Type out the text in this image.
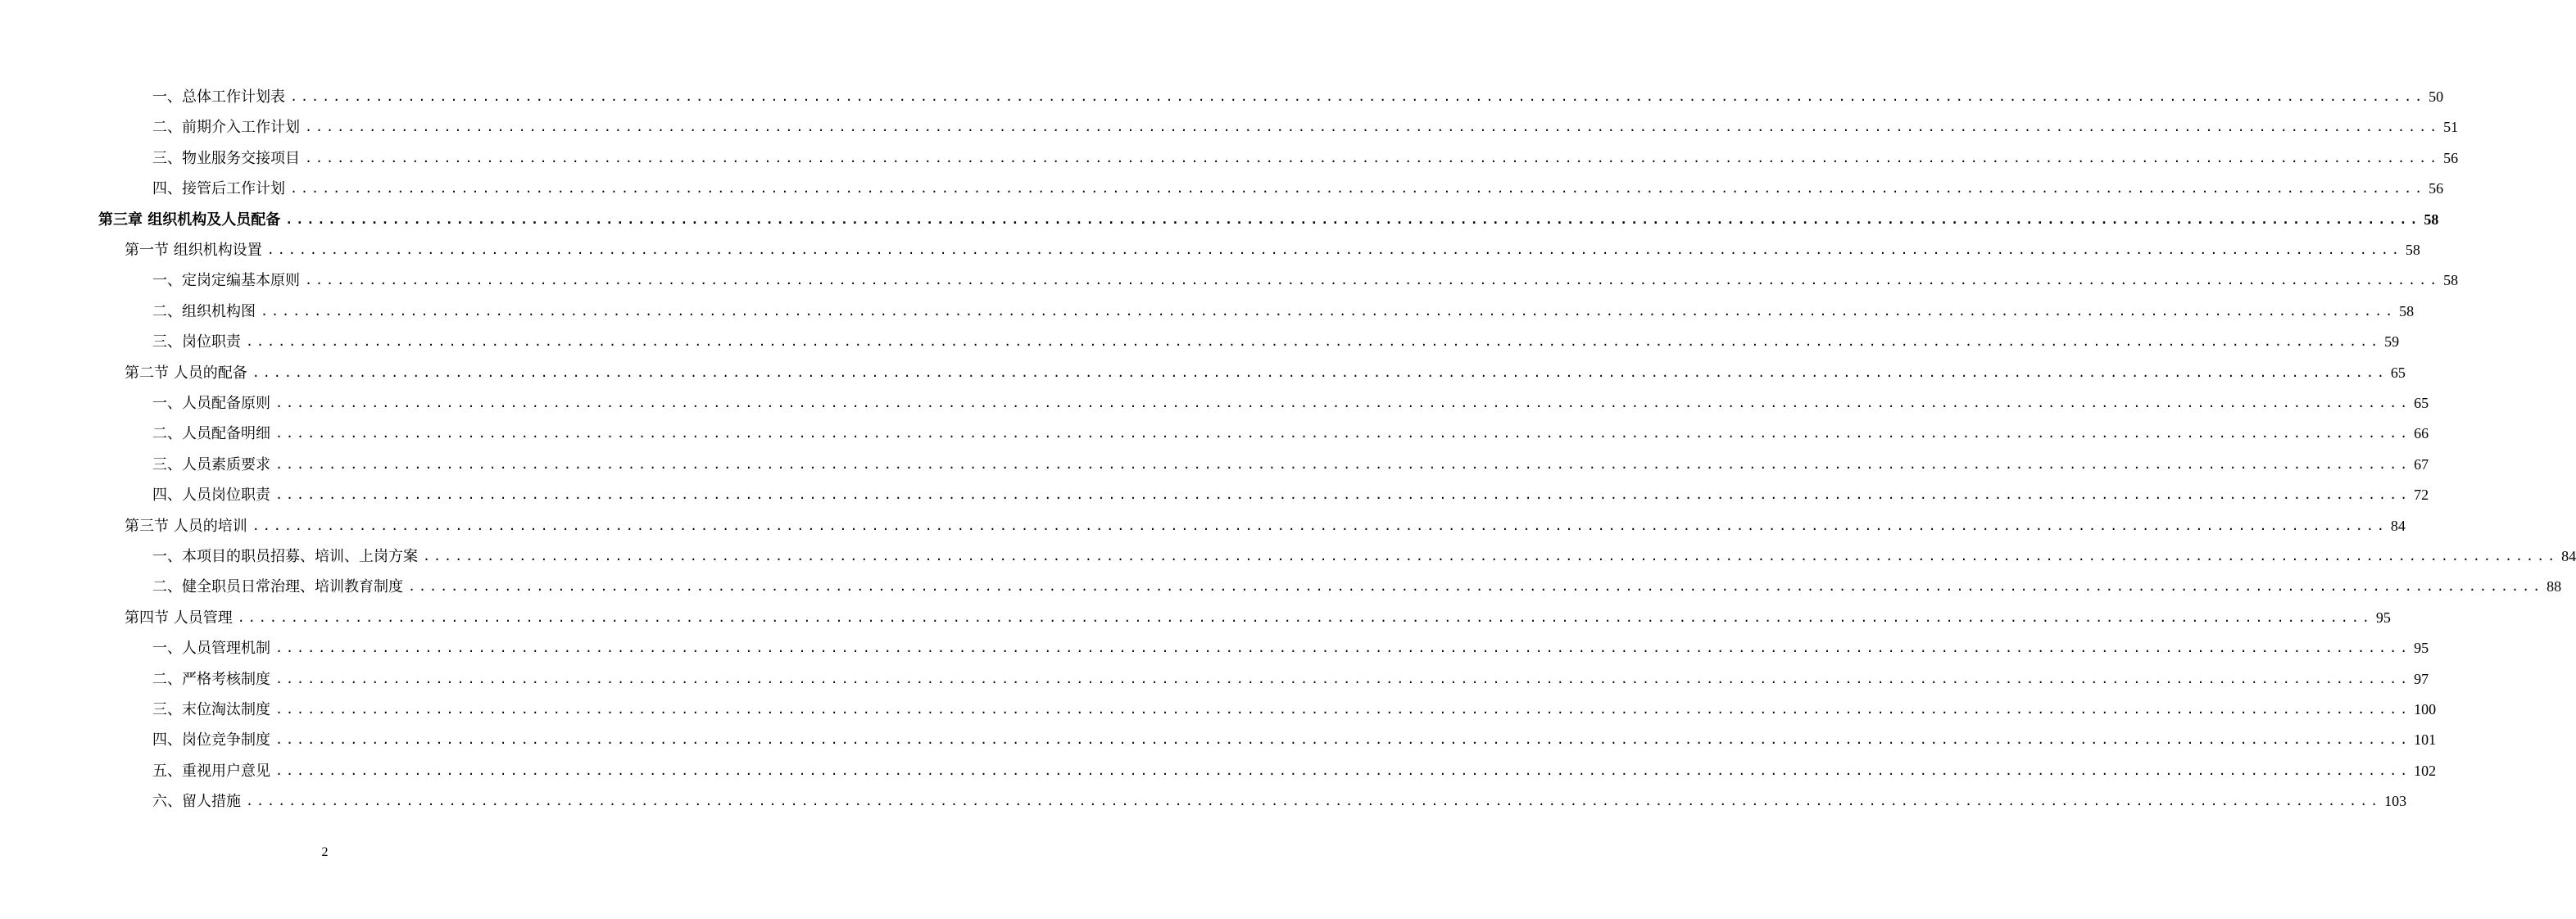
一、总体工作计划表 ........................................................................................................................................................................................................ 50
二、前期介入工作计划 ........................................................................................................................................................................................................ 51
三、物业服务交接项目 ........................................................................................................................................................................................................ 56
四、接管后工作计划 ........................................................................................................................................................................................................ 56
第三章 组织机构及人员配备 ........................................................................................................................................................................................................ 58
第一节 组织机构设置 ........................................................................................................................................................................................................ 58
一、定岗定编基本原则 ........................................................................................................................................................................................................ 58
二、组织机构图 ........................................................................................................................................................................................................ 58
三、岗位职责 ........................................................................................................................................................................................................ 59
第二节 人员的配备 ........................................................................................................................................................................................................ 65
一、人员配备原则 ........................................................................................................................................................................................................ 65
二、人员配备明细 ........................................................................................................................................................................................................ 66
三、人员素质要求 ........................................................................................................................................................................................................ 67
四、人员岗位职责 ........................................................................................................................................................................................................ 72
第三节 人员的培训 ........................................................................................................................................................................................................ 84
一、本项目的职员招募、培训、上岗方案 ........................................................................................................................................................................................................ 84
二、健全职员日常治理、培训教育制度 ........................................................................................................................................................................................................ 88
第四节 人员管理 ........................................................................................................................................................................................................ 95
一、人员管理机制 ........................................................................................................................................................................................................ 95
二、严格考核制度 ........................................................................................................................................................................................................ 97
三、末位淘汰制度 ........................................................................................................................................................................................................ 100
四、岗位竞争制度 ........................................................................................................................................................................................................ 101
五、重视用户意见 ........................................................................................................................................................................................................ 102
六、留人措施 ........................................................................................................................................................................................................ 103
2
